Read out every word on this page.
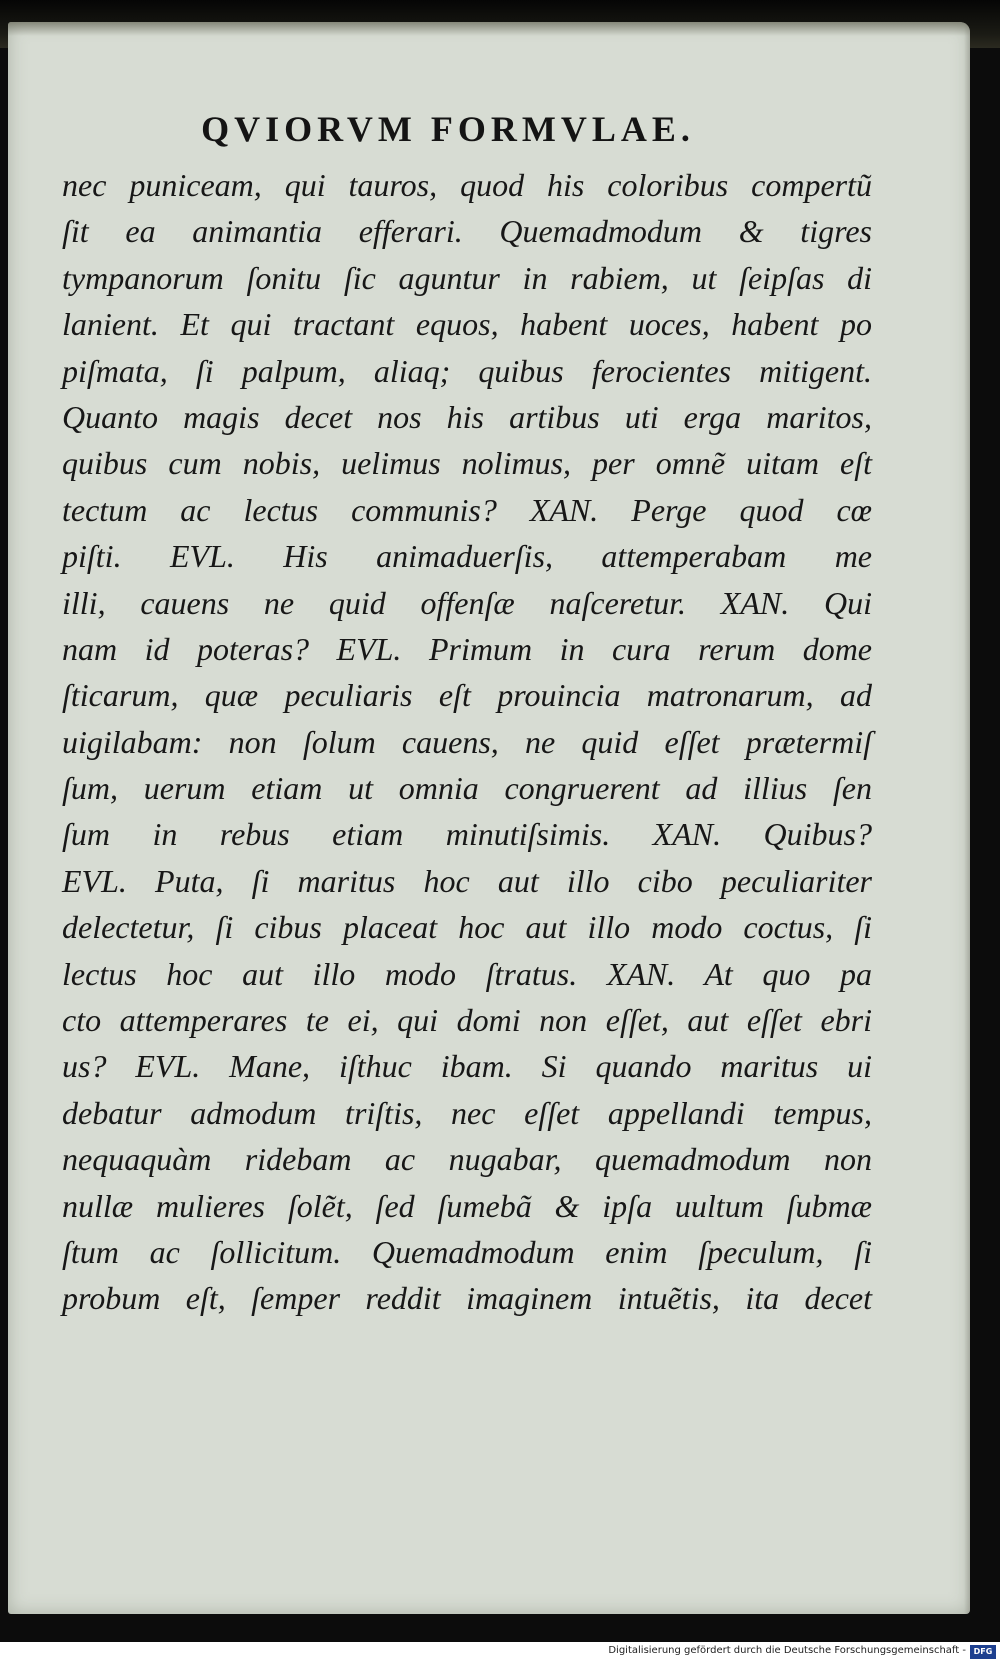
QVIORVM FORMVLAE.
nec puniceam, qui tauros, quod his coloribus compertũ
ſit ea animantia efferari. Quemadmodum & tigres
tympanorum ſonitu ſic aguntur in rabiem, ut ſeipſas di
lanient. Et qui tractant equos, habent uoces, habent po
piſmata, ſi palpum, aliaq; quibus ferocientes mitigent.
Quanto magis decet nos his artibus uti erga maritos,
quibus cum nobis, uelimus nolimus, per omnẽ uitam eſt
tectum ac lectus communis? XAN. Perge quod cœ
piſti. EVL. His animaduerſis, attemperabam me
illi, cauens ne quid offenſæ naſceretur. XAN. Qui
nam id poteras? EVL. Primum in cura rerum dome
ſticarum, quæ peculiaris eſt prouincia matronarum, ad
uigilabam: non ſolum cauens, ne quid eſſet prætermiſ
ſum, uerum etiam ut omnia congruerent ad illius ſen
ſum in rebus etiam minutiſsimis. XAN. Quibus?
EVL. Puta, ſi maritus hoc aut illo cibo peculiariter
delectetur, ſi cibus placeat hoc aut illo modo coctus, ſi
lectus hoc aut illo modo ſtratus. XAN. At quo pa
cto attemperares te ei, qui domi non eſſet, aut eſſet ebri
us? EVL. Mane, iſthuc ibam. Si quando maritus ui
debatur admodum triſtis, nec eſſet appellandi tempus,
nequaquàm ridebam ac nugabar, quemadmodum non
nullæ mulieres ſolẽt, ſed ſumebã & ipſa uultum ſubmæ
ſtum ac ſollicitum. Quemadmodum enim ſpeculum, ſi
probum eſt, ſemper reddit imaginem intuẽtis, ita decet
Digitalisierung gefördert durch die Deutsche Forschungsgemeinschaft - DFG
